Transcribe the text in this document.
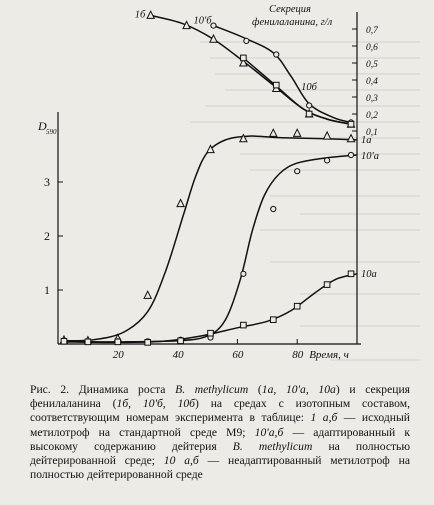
20	40	60	80 Время, ч
1
2
3
D 590	0,1
0,2
0,3
0,4
0,5
0,6
0,7
Секреция
фенилаланина, г/л
1а
10'а
10а
1б
10'б
10б

Рис. 2. Динамика роста B. methylicum (1а, 10'а, 10а) и секреция фенилаланина (1б, 10'б, 10б) на средах с изотопным составом, соответствующим номерам эксперимента в таблице: 1 а,б — исходный метилотроф на стандартной среде М9; 10'а,б — адаптированный к высокому содержанию дейтерия B. methylicum на полностью дейтерированной среде; 10 а,б — неадаптированный метилотроф на полностью дейтерированной среде
